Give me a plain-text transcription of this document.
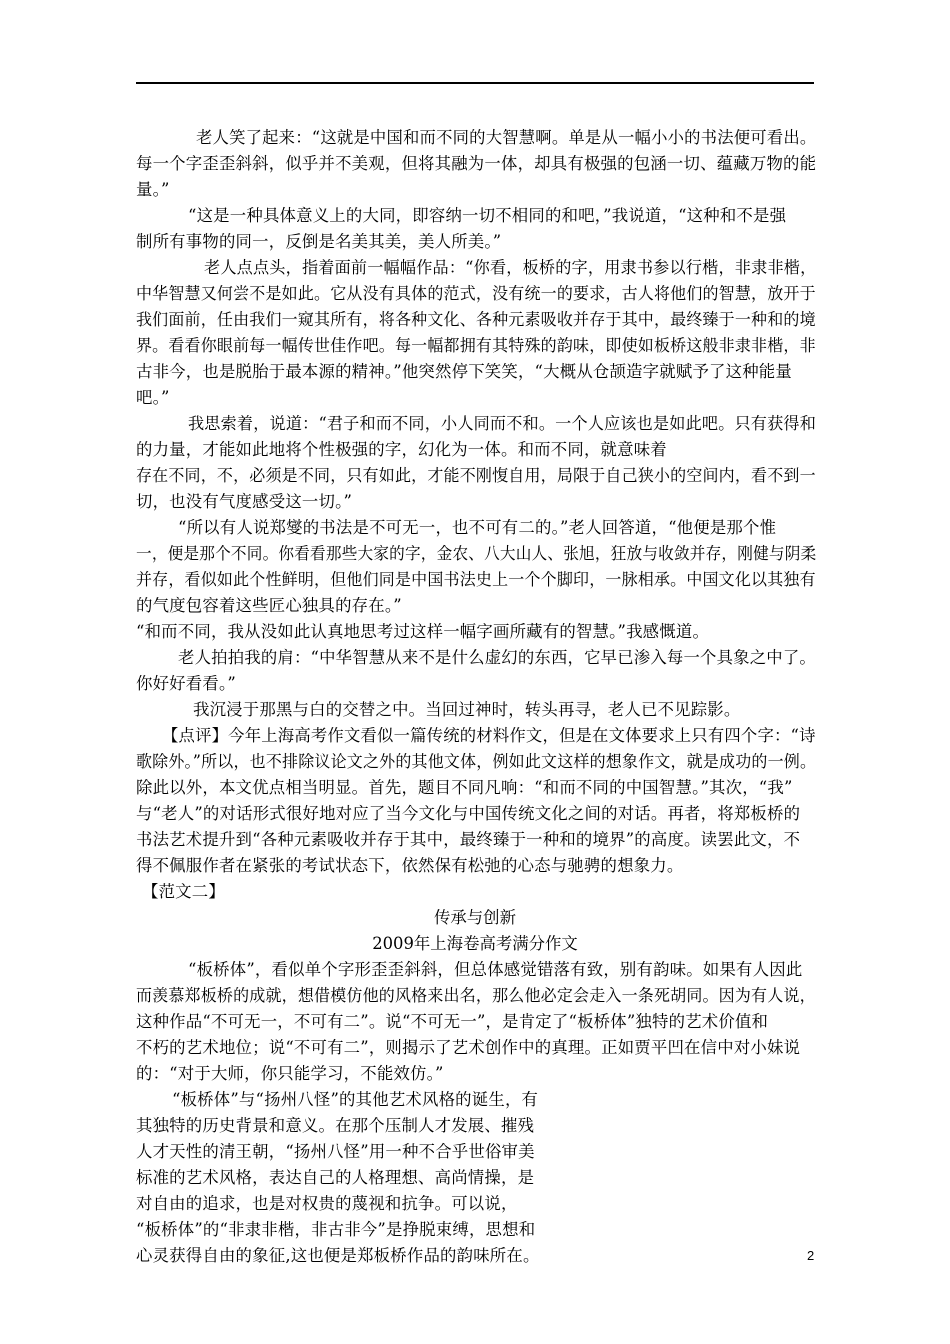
老人笑了起来：“这就是中国和而不同的大智慧啊。单是从一幅小小的书法便可看出。
每一个字歪歪斜斜，似乎并不美观，但将其融为一体，却具有极强的包涵一切、蕴藏万物的能
量。”
“这是一种具体意义上的大同，即容纳一切不相同的和吧，”我说道，“这种和不是强
制所有事物的同一，反倒是名美其美，美人所美。”
老人点点头，指着面前一幅幅作品：“你看，板桥的字，用隶书参以行楷，非隶非楷，
中华智慧又何尝不是如此。它从没有具体的范式，没有统一的要求，古人将他们的智慧，放开于
我们面前，任由我们一窥其所有，将各种文化、各种元素吸收并存于其中，最终臻于一种和的境
界。看看你眼前每一幅传世佳作吧。每一幅都拥有其特殊的韵味，即使如板桥这般非隶非楷，非
古非今，也是脱胎于最本源的精神。”他突然停下笑笑，“大概从仓颉造字就赋予了这种能量
吧。”
我思索着，说道：“君子和而不同，小人同而不和。一个人应该也是如此吧。只有获得和
的力量，才能如此地将个性极强的字，幻化为一体。和而不同，就意味着
存在不同，不，必须是不同，只有如此，才能不刚愎自用，局限于自己狭小的空间内，看不到一
切，也没有气度感受这一切。”
“所以有人说郑燮的书法是不可无一，也不可有二的。”老人回答道，“他便是那个惟
一，便是那个不同。你看看那些大家的字，金农、八大山人、张旭，狂放与收敛并存，刚健与阴柔
并存，看似如此个性鲜明，但他们同是中国书法史上一个个脚印，一脉相承。中国文化以其独有
的气度包容着这些匠心独具的存在。”
“和而不同，我从没如此认真地思考过这样一幅字画所藏有的智慧。”我感慨道。
老人拍拍我的肩：“中华智慧从来不是什么虚幻的东西，它早已渗入每一个具象之中了。
你好好看看。”
我沉浸于那黑与白的交替之中。当回过神时，转头再寻，老人已不见踪影。
【点评】今年上海高考作文看似一篇传统的材料作文，但是在文体要求上只有四个字：“诗
歌除外。”所以，也不排除议论文之外的其他文体，例如此文这样的想象作文，就是成功的一例。
除此以外，本文优点相当明显。首先，题目不同凡响：“和而不同的中国智慧。”其次，“我”
与“老人”的对话形式很好地对应了当今文化与中国传统文化之间的对话。再者，将郑板桥的
书法艺术提升到“各种元素吸收并存于其中，最终臻于一种和的境界”的高度。读罢此文，不
得不佩服作者在紧张的考试状态下，依然保有松弛的心态与驰骋的想象力。
【范文二】
传承与创新
2009年上海卷高考满分作文
“板桥体”，看似单个字形歪歪斜斜，但总体感觉错落有致，别有韵味。如果有人因此
而羡慕郑板桥的成就，想借模仿他的风格来出名，那么他必定会走入一条死胡同。因为有人说，
这种作品“不可无一，不可有二”。说“不可无一”，是肯定了“板桥体”独特的艺术价值和
不朽的艺术地位；说“不可有二”，则揭示了艺术创作中的真理。正如贾平凹在信中对小妹说
的：“对于大师，你只能学习，不能效仿。”
“板桥体”与“扬州八怪”的其他艺术风格的诞生，有
其独特的历史背景和意义。在那个压制人才发展、摧残
人才天性的清王朝，“扬州八怪”用一种不合乎世俗审美
标准的艺术风格，表达自己的人格理想、高尚情操，是
对自由的追求，也是对权贵的蔑视和抗争。可以说，
“板桥体”的“非隶非楷，非古非今”是挣脱束缚，思想和
心灵获得自由的象征,这也便是郑板桥作品的韵味所在。	2
